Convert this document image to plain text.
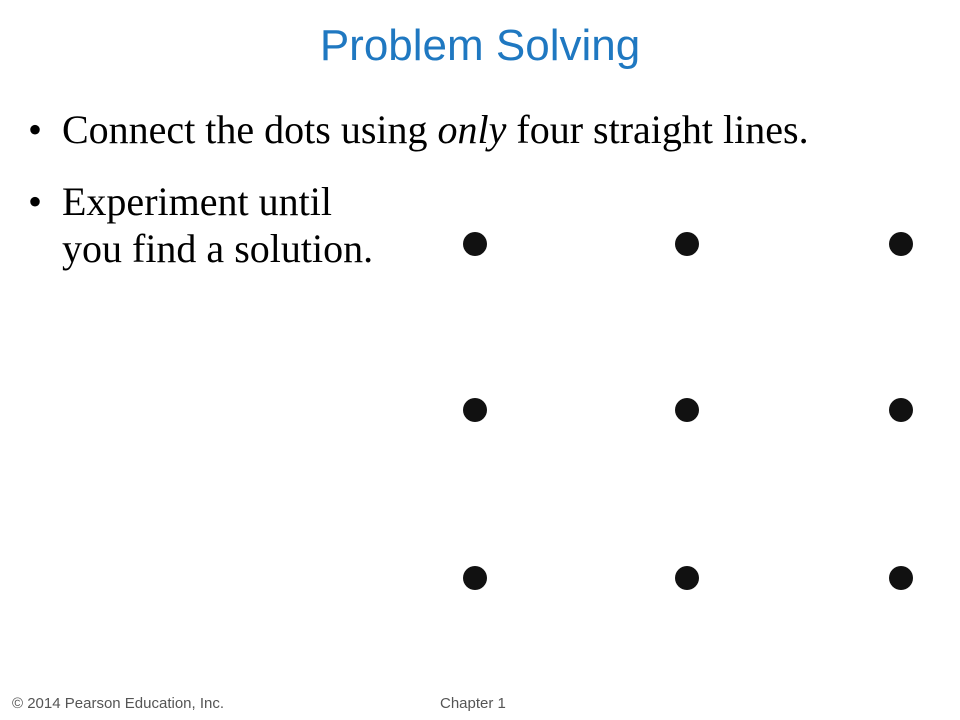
Problem Solving
• Connect the dots using only four straight lines.
• Experiment until
you find a solution.
© 2014 Pearson Education, Inc.	Chapter 1
